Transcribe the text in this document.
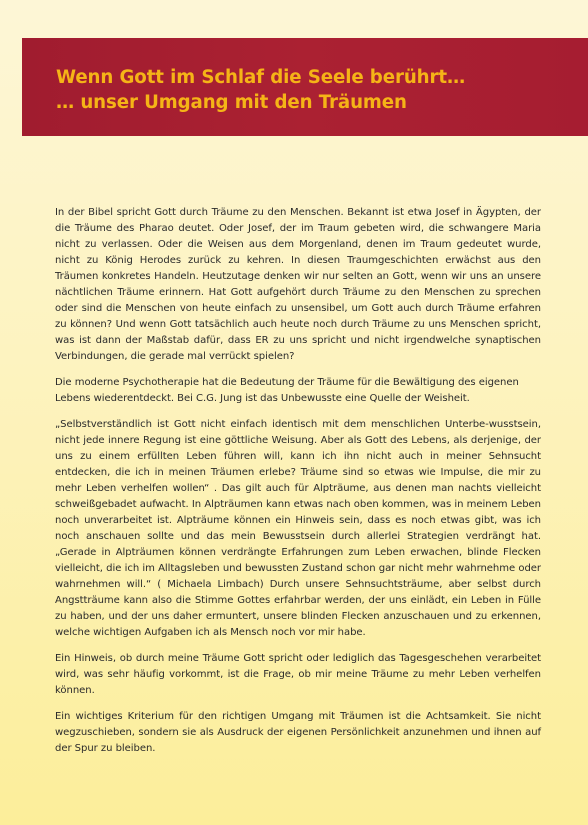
Wenn Gott im Schlaf die Seele berührt…
… unser Umgang mit den Träumen

In der Bibel spricht Gott durch Träume zu den Menschen. Bekannt ist etwa Josef in Ägypten, der die Träume des Pharao deutet. Oder Josef, der im Traum gebeten wird, die schwangere Maria nicht zu verlassen. Oder die Weisen aus dem Morgenland, denen im Traum gedeutet wurde, nicht zu König Herodes zurück zu kehren. In diesen Traumgeschichten erwächst aus den Träumen konkretes Handeln. Heutzutage denken wir nur selten an Gott, wenn wir uns an unsere nächtlichen Träume erinnern. Hat Gott aufgehört durch Träume zu den Menschen zu sprechen oder sind die Menschen von heute einfach zu unsensibel, um Gott auch durch Träume erfahren zu können? Und wenn Gott tatsächlich auch heute noch durch Träume zu uns Menschen spricht, was ist dann der Maßstab dafür, dass ER zu uns spricht und nicht irgendwelche synaptischen Verbindungen, die gerade mal verrückt spielen?

Die moderne Psychotherapie hat die Bedeutung der Träume für die Bewältigung des eigenen Lebens wiederentdeckt. Bei C.G. Jung ist das Unbewusste eine Quelle der Weisheit.

„Selbstverständlich ist Gott nicht einfach identisch mit dem menschlichen Unterbe-wusstsein, nicht jede innere Regung ist eine göttliche Weisung. Aber als Gott des Lebens, als derjenige, der uns zu einem erfüllten Leben führen will, kann ich ihn nicht auch in meiner Sehnsucht entdecken, die ich in meinen Träumen erlebe? Träume sind so etwas wie Impulse, die mir zu mehr Leben verhelfen wollen“ . Das gilt auch für Alpträume, aus denen man nachts vielleicht schweißgebadet aufwacht. In Alpträumen kann etwas nach oben kommen, was in meinem Leben noch unverarbeitet ist. Alpträume können ein Hinweis sein, dass es noch etwas gibt, was ich noch anschauen sollte und das mein Bewusstsein durch allerlei Strategien verdrängt hat. „Gerade in Alpträumen können verdrängte Erfahrungen zum Leben erwachen, blinde Flecken vielleicht, die ich im Alltagsleben und bewussten Zustand schon gar nicht mehr wahrnehme oder wahrnehmen will.“ ( Michaela Limbach) Durch unsere Sehnsuchtsträume, aber selbst durch Angstträume kann also die Stimme Gottes erfahrbar werden, der uns einlädt, ein Leben in Fülle zu haben, und der uns daher ermuntert, unsere blinden Flecken anzuschauen und zu erkennen, welche wichtigen Aufgaben ich als Mensch noch vor mir habe.

Ein Hinweis, ob durch meine Träume Gott spricht oder lediglich das Tagesgeschehen verarbeitet wird, was sehr häufig vorkommt, ist die Frage, ob mir meine Träume zu mehr Leben verhelfen können.

Ein wichtiges Kriterium für den richtigen Umgang mit Träumen ist die Achtsamkeit. Sie nicht wegzuschieben, sondern sie als Ausdruck der eigenen Persönlichkeit anzunehmen und ihnen auf der Spur zu bleiben.
